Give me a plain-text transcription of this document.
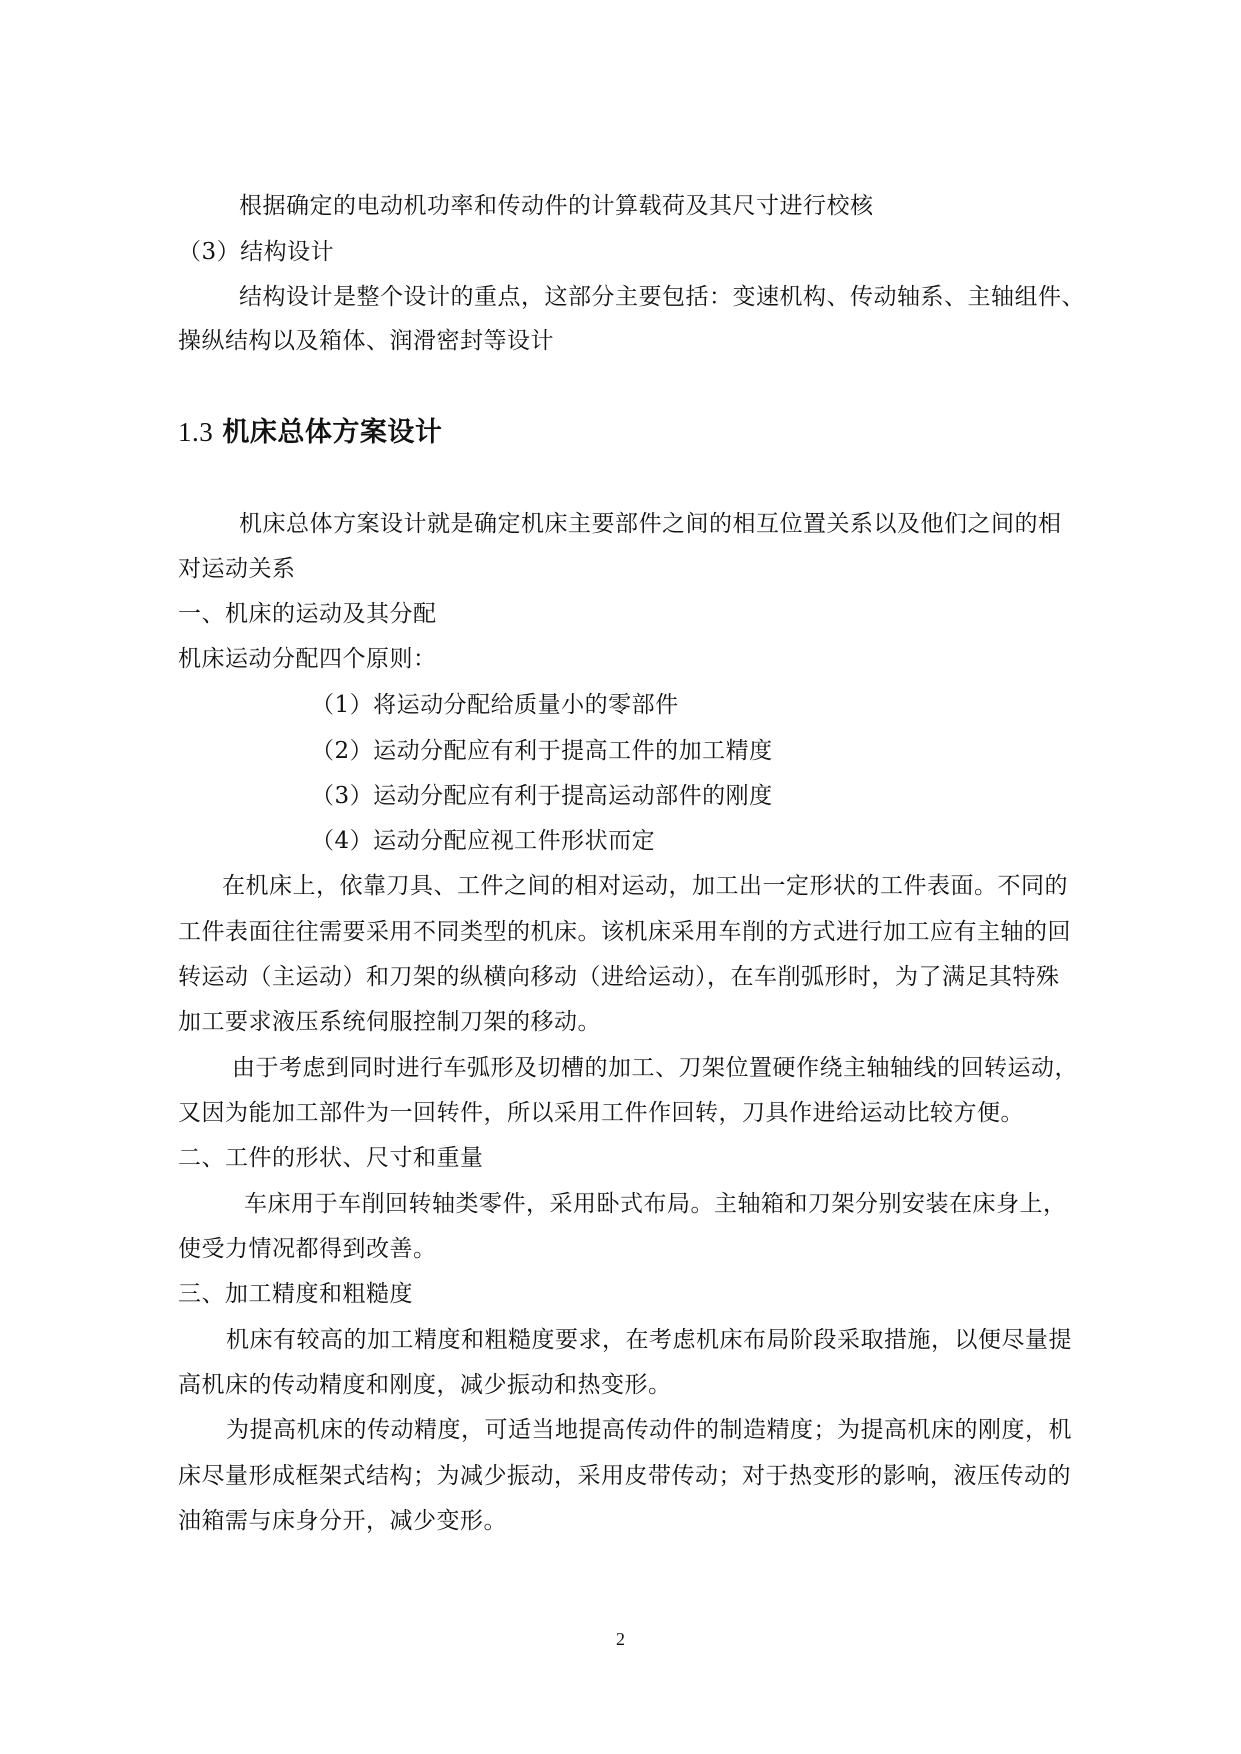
根据确定的电动机功率和传动件的计算载荷及其尺寸进行校核
（3）结构设计
结构设计是整个设计的重点，这部分主要包括：变速机构、传动轴系、主轴组件、
操纵结构以及箱体、润滑密封等设计
1.3 机床总体方案设计
机床总体方案设计就是确定机床主要部件之间的相互位置关系以及他们之间的相
对运动关系
一、机床的运动及其分配
机床运动分配四个原则：
（1）将运动分配给质量小的零部件
（2）运动分配应有利于提高工件的加工精度
（3）运动分配应有利于提高运动部件的刚度
（4）运动分配应视工件形状而定
在机床上，依靠刀具、工件之间的相对运动，加工出一定形状的工件表面。不同的
工件表面往往需要采用不同类型的机床。该机床采用车削的方式进行加工应有主轴的回
转运动（主运动）和刀架的纵横向移动（进给运动），在车削弧形时，为了满足其特殊
加工要求液压系统伺服控制刀架的移动。
由于考虑到同时进行车弧形及切槽的加工、刀架位置硬作绕主轴轴线的回转运动，
又因为能加工部件为一回转件，所以采用工件作回转，刀具作进给运动比较方便。
二、工件的形状、尺寸和重量
车床用于车削回转轴类零件，采用卧式布局。主轴箱和刀架分别安装在床身上，
使受力情况都得到改善。
三、加工精度和粗糙度
机床有较高的加工精度和粗糙度要求，在考虑机床布局阶段采取措施，以便尽量提
高机床的传动精度和刚度，减少振动和热变形。
为提高机床的传动精度，可适当地提高传动件的制造精度；为提高机床的刚度，机
床尽量形成框架式结构；为减少振动，采用皮带传动；对于热变形的影响，液压传动的
油箱需与床身分开，减少变形。
2
